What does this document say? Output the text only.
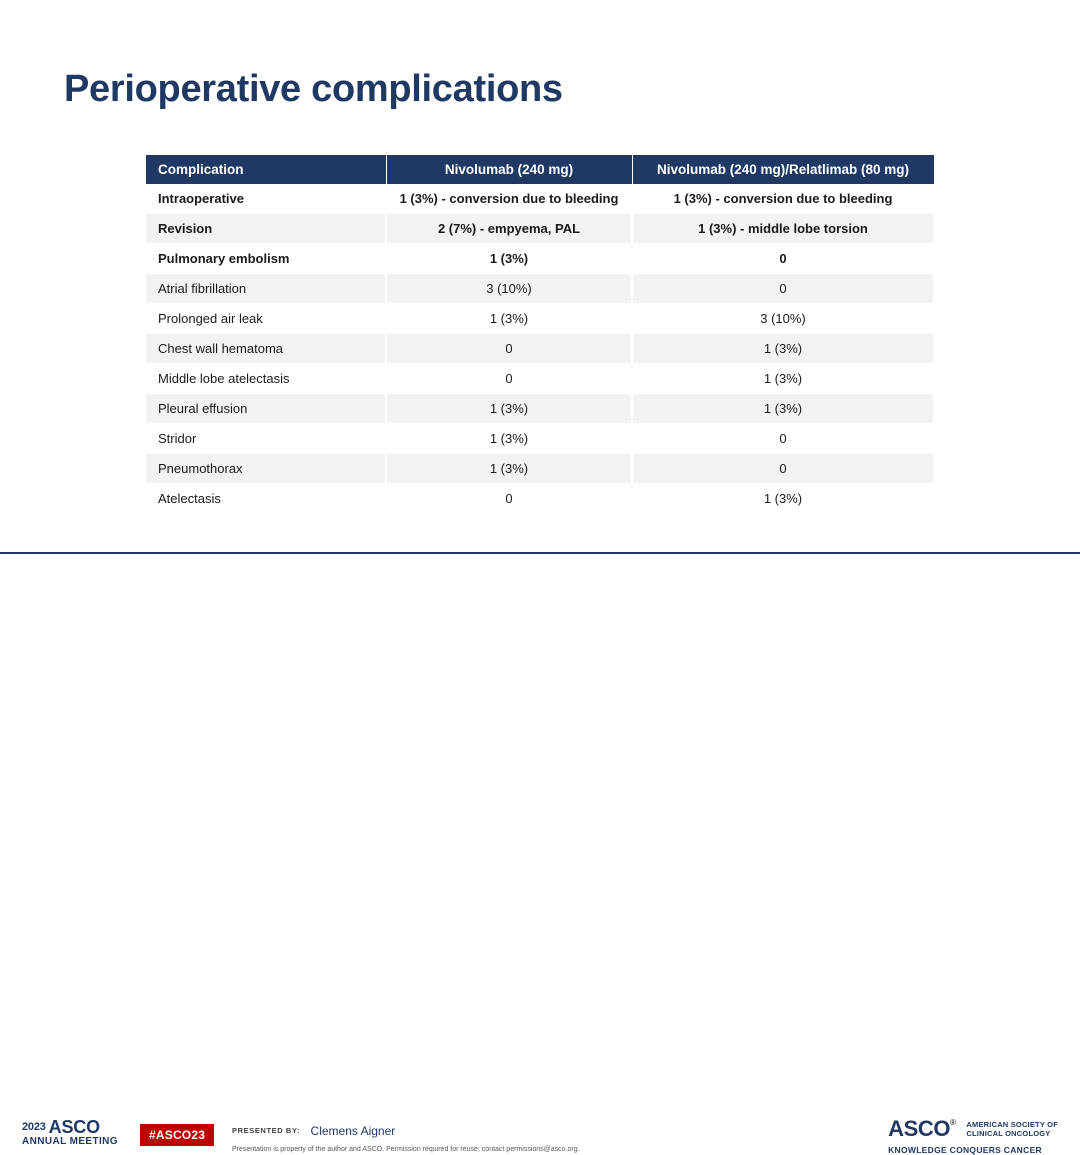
Perioperative complications
Complication	Nivolumab (240 mg)	Nivolumab (240 mg)/Relatlimab (80 mg)
Intraoperative	1 (3%) - conversion due to bleeding	1 (3%) - conversion due to bleeding
Revision	2 (7%) - empyema, PAL	1 (3%) - middle lobe torsion
Pulmonary embolism	1 (3%)	0
Atrial fibrillation	3 (10%)	0
Prolonged air leak	1 (3%)	3 (10%)
Chest wall hematoma	0	1 (3%)
Middle lobe atelectasis	0	1 (3%)
Pleural effusion	1 (3%)	1 (3%)
Stridor	1 (3%)	0
Pneumothorax	1 (3%)	0
Atelectasis	0	1 (3%)
2023 ASCO
ANNUAL MEETING	#ASCO23	PRESENTED BY: Clemens Aigner
Presentation is property of the author and ASCO. Permission required for reuse; contact permissions@asco.org.
ASCO® AMERICAN SOCIETY OF
CLINICAL ONCOLOGY
KNOWLEDGE CONQUERS CANCER
